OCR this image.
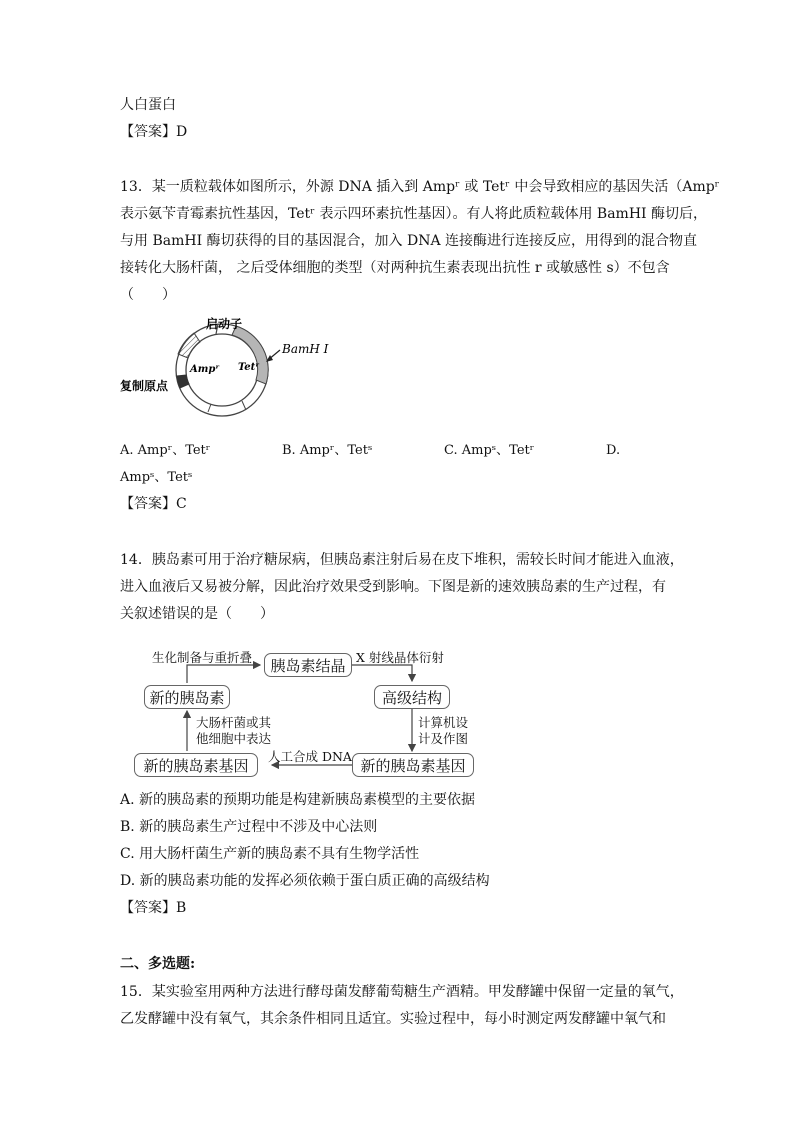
人白蛋白
【答案】D
13．某一质粒载体如图所示，外源 DNA 插入到 Ampʳ 或 Tetʳ 中会导致相应的基因失活（Ampʳ
表示氨苄青霉素抗性基因，Tetʳ 表示四环素抗性基因）。有人将此质粒载体用 BamHI 酶切后，
与用 BamHI 酶切获得的目的基因混合，加入 DNA 连接酶进行连接反应，用得到的混合物直
接转化大肠杆菌， 之后受体细胞的类型（对两种抗生素表现出抗性 r 或敏感性 s）不包含
（　　）
启动子
BamH I
Ampʳ Tetʳ
复制原点
A. Ampʳ、Tetʳ	B. Ampʳ、Tetˢ	C. Ampˢ、Tetʳ	D.
Ampˢ、Tetˢ
【答案】C
14．胰岛素可用于治疗糖尿病，但胰岛素注射后易在皮下堆积，需较长时间才能进入血液，
进入血液后又易被分解，因此治疗效果受到影响。下图是新的速效胰岛素的生产过程，有
关叙述错误的是（　　）
胰岛素结晶
新的胰岛素	高级结构
新的胰岛素基因	新的胰岛素基因
生化制备与重折叠	X 射线晶体衍射
大肠杆菌或其
他细胞中表达
计算机设
计及作图
人工合成 DNA
A. 新的胰岛素的预期功能是构建新胰岛素模型的主要依据
B. 新的胰岛素生产过程中不涉及中心法则
C. 用大肠杆菌生产新的胰岛素不具有生物学活性
D. 新的胰岛素功能的发挥必须依赖于蛋白质正确的高级结构
【答案】B
二、多选题:
15．某实验室用两种方法进行酵母菌发酵葡萄糖生产酒精。甲发酵罐中保留一定量的氧气，
乙发酵罐中没有氧气，其余条件相同且适宜。实验过程中，每小时测定两发酵罐中氧气和
